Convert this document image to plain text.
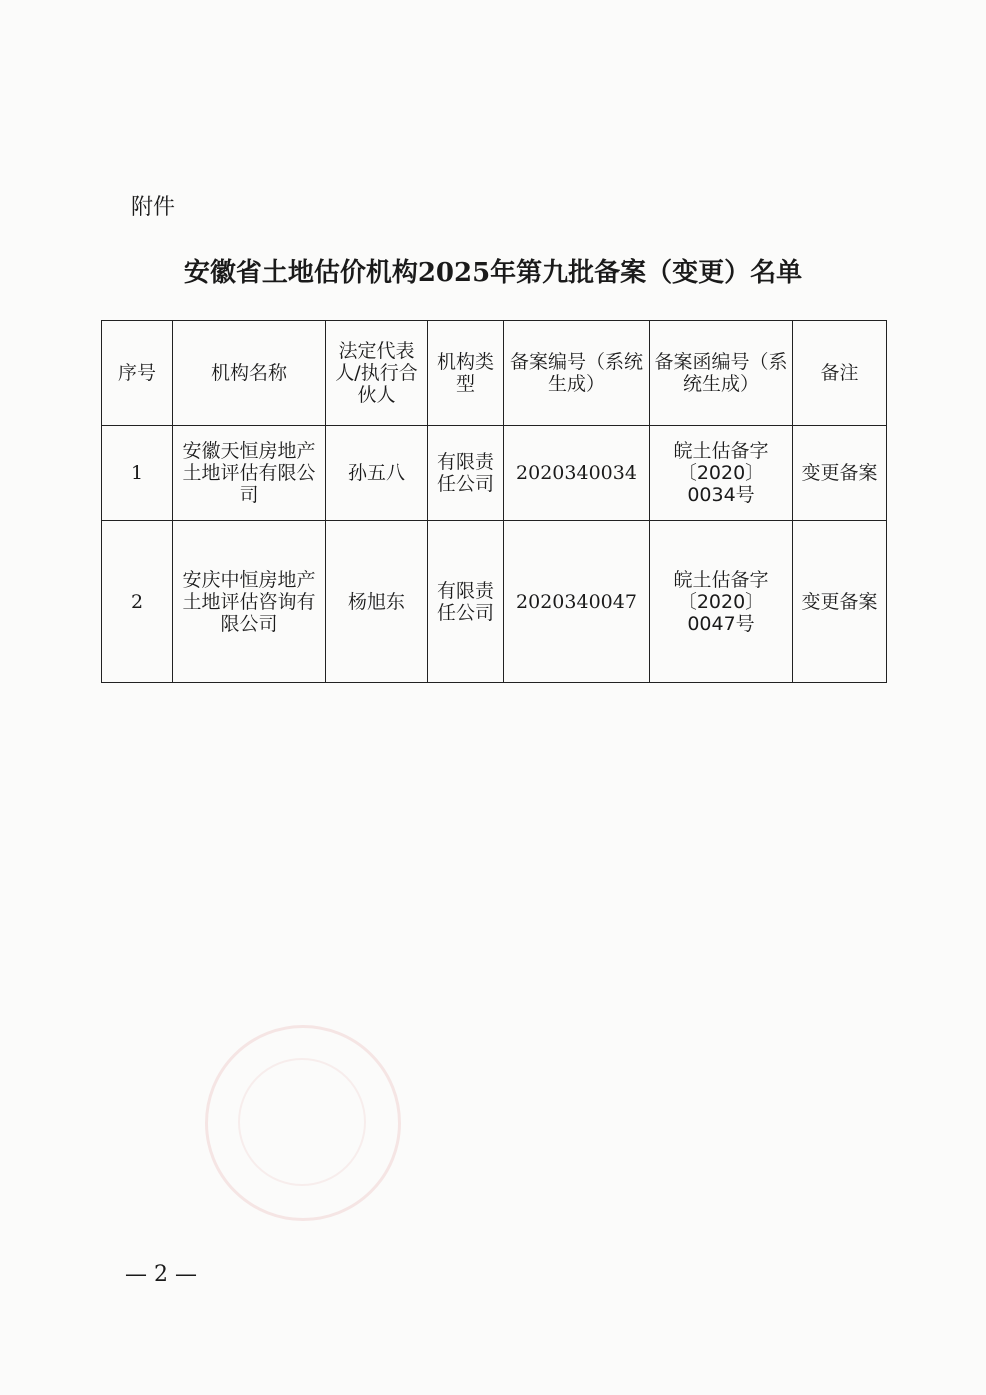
附件
安徽省土地估价机构2025年第九批备案（变更）名单
序号	机构名称	法定代表人/执行合伙人	机构类型	备案编号（系统生成）	备案函编号（系统生成）	备注
1	安徽天恒房地产土地评估有限公司	孙五八	有限责任公司	2020340034	皖土估备字〔2020〕0034号	变更备案
2	安庆中恒房地产土地评估咨询有限公司	杨旭东	有限责任公司	2020340047	皖土估备字〔2020〕0047号	变更备案
— 2 —
